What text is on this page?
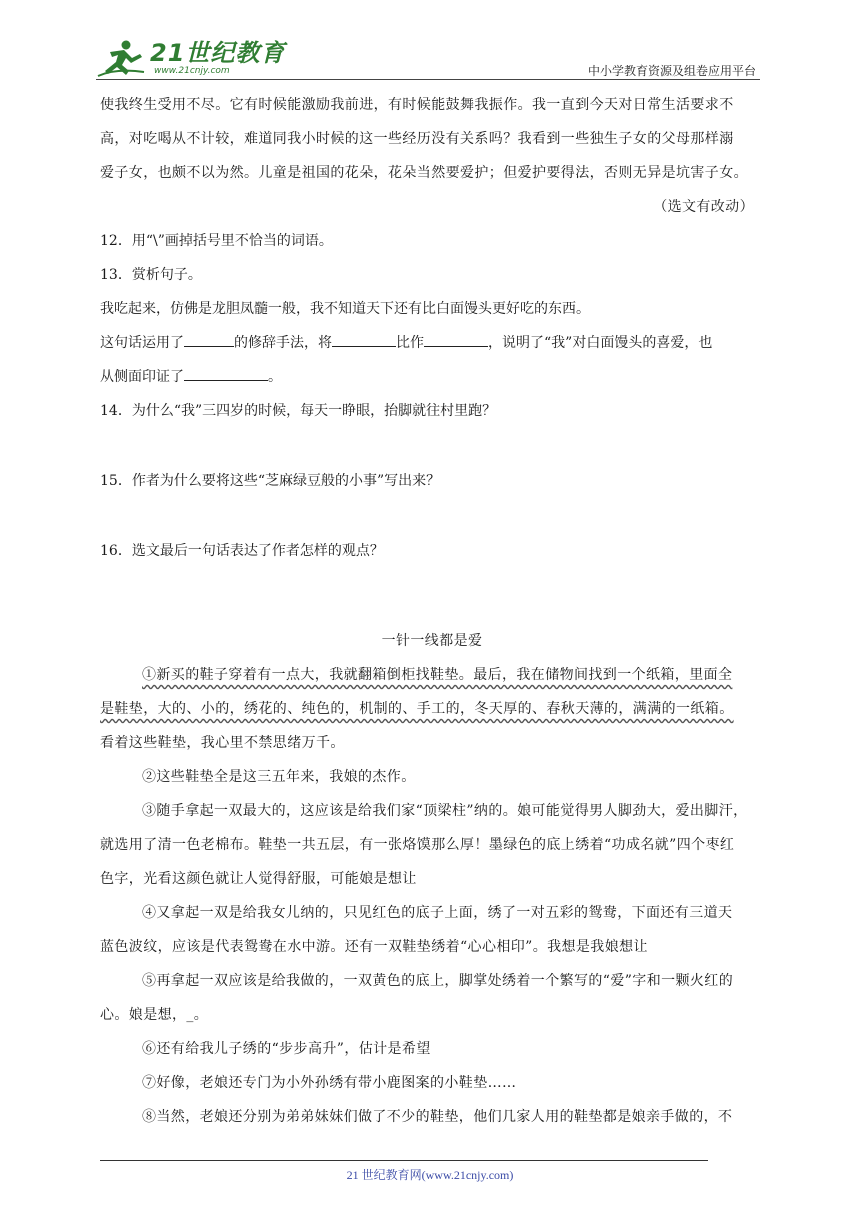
21世纪教育
www.21cnjy.com	中小学教育资源及组卷应用平台

使我终生受用不尽。它有时候能激励我前进，有时候能鼓舞我振作。我一直到今天对日常生活要求不

高，对吃喝从不计较，难道同我小时候的这一些经历没有关系吗？我看到一些独生子女的父母那样溺

爱子女，也颇不以为然。儿童是祖国的花朵，花朵当然要爱护；但爱护要得法，否则无异是坑害子女。

（选文有改动）

12．用“\”画掉括号里不恰当的词语。

13．赏析句子。

我吃起来，仿佛是龙胆凤髓一般，我不知道天下还有比白面馒头更好吃的东西。

这句话运用了	的修辞手法，将	比作	，说明了“我”对白面馒头的喜爱，也

从侧面印证了	。

14．为什么“我”三四岁的时候，每天一睁眼，抬脚就往村里跑？

15．作者为什么要将这些“芝麻绿豆般的小事”写出来？

16．选文最后一句话表达了作者怎样的观点？

一针一线都是爱

①新买的鞋子穿着有一点大，我就翻箱倒柜找鞋垫。最后，我在储物间找到一个纸箱，里面全

是鞋垫，大的、小的，绣花的、纯色的，机制的、手工的，冬天厚的、春秋天薄的，满满的一纸箱。

看着这些鞋垫，我心里不禁思绪万千。

②这些鞋垫全是这三五年来，我娘的杰作。

③随手拿起一双最大的，这应该是给我们家“顶梁柱”纳的。娘可能觉得男人脚劲大，爱出脚汗，

就选用了清一色老棉布。鞋垫一共五层，有一张烙馍那么厚！墨绿色的底上绣着“功成名就”四个枣红

色字，光看这颜色就让人觉得舒服，可能娘是想让

④又拿起一双是给我女儿纳的，只见红色的底子上面，绣了一对五彩的鸳鸯，下面还有三道天

蓝色波纹，应该是代表鸳鸯在水中游。还有一双鞋垫绣着“心心相印”。我想是我娘想让

⑤再拿起一双应该是给我做的，一双黄色的底上，脚掌处绣着一个繁写的“爱”字和一颗火红的

心。娘是想，_。

⑥还有给我儿子绣的“步步高升”，估计是希望

⑦好像，老娘还专门为小外孙绣有带小鹿图案的小鞋垫……

⑧当然，老娘还分别为弟弟妹妹们做了不少的鞋垫，他们几家人用的鞋垫都是娘亲手做的，不

21 世纪教育网(www.21cnjy.com)
